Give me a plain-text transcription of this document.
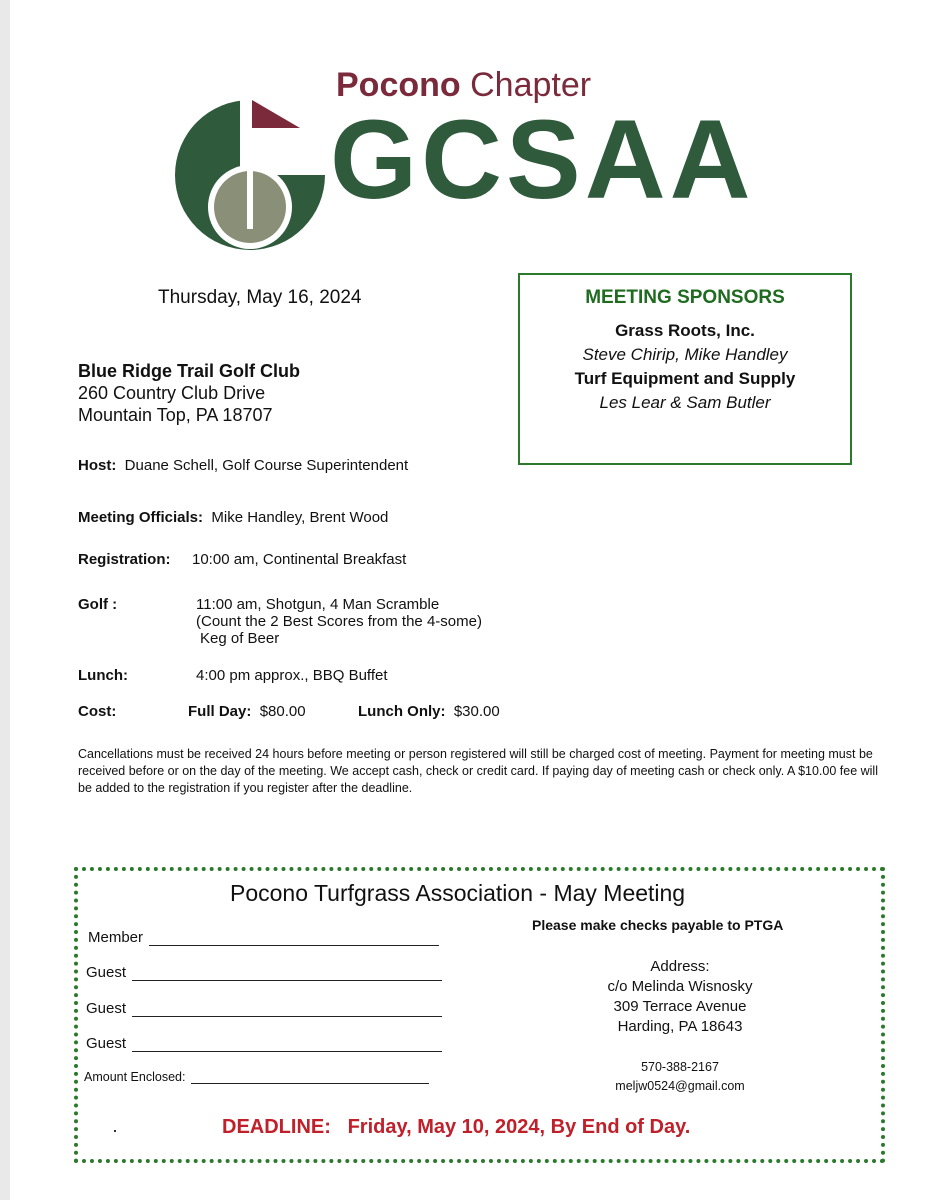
Pocono Chapter
GCSAA
Thursday, May 16, 2024
Blue Ridge Trail Golf Club
260 Country Club Drive
Mountain Top, PA 18707
MEETING SPONSORS
Grass Roots, Inc.
Steve Chirip, Mike Handley
Turf Equipment and Supply
Les Lear & Sam Butler
Host: Duane Schell, Golf Course Superintendent
Meeting Officials: Mike Handley, Brent Wood
Registration: 10:00 am, Continental Breakfast
Golf :	11:00 am, Shotgun, 4 Man Scramble
(Count the 2 Best Scores from the 4-some)
Keg of Beer
Lunch:	4:00 pm approx., BBQ Buffet
Cost:	Full Day: $80.00	Lunch Only: $30.00
Cancellations must be received 24 hours before meeting or person registered will still be charged cost of meeting. Payment for meeting must be received before or on the day of the meeting. We accept cash, check or credit card. If paying day of meeting cash or check only. A $10.00 fee will be added to the registration if you register after the deadline.
Pocono Turfgrass Association - May Meeting
Member
Guest
Guest
Guest
Amount Enclosed:
Please make checks payable to PTGA
Address:
c/o Melinda Wisnosky
309 Terrace Avenue
Harding, PA 18643
570-388-2167
meljw0524@gmail.com
DEADLINE: Friday, May 10, 2024, By End of Day.
